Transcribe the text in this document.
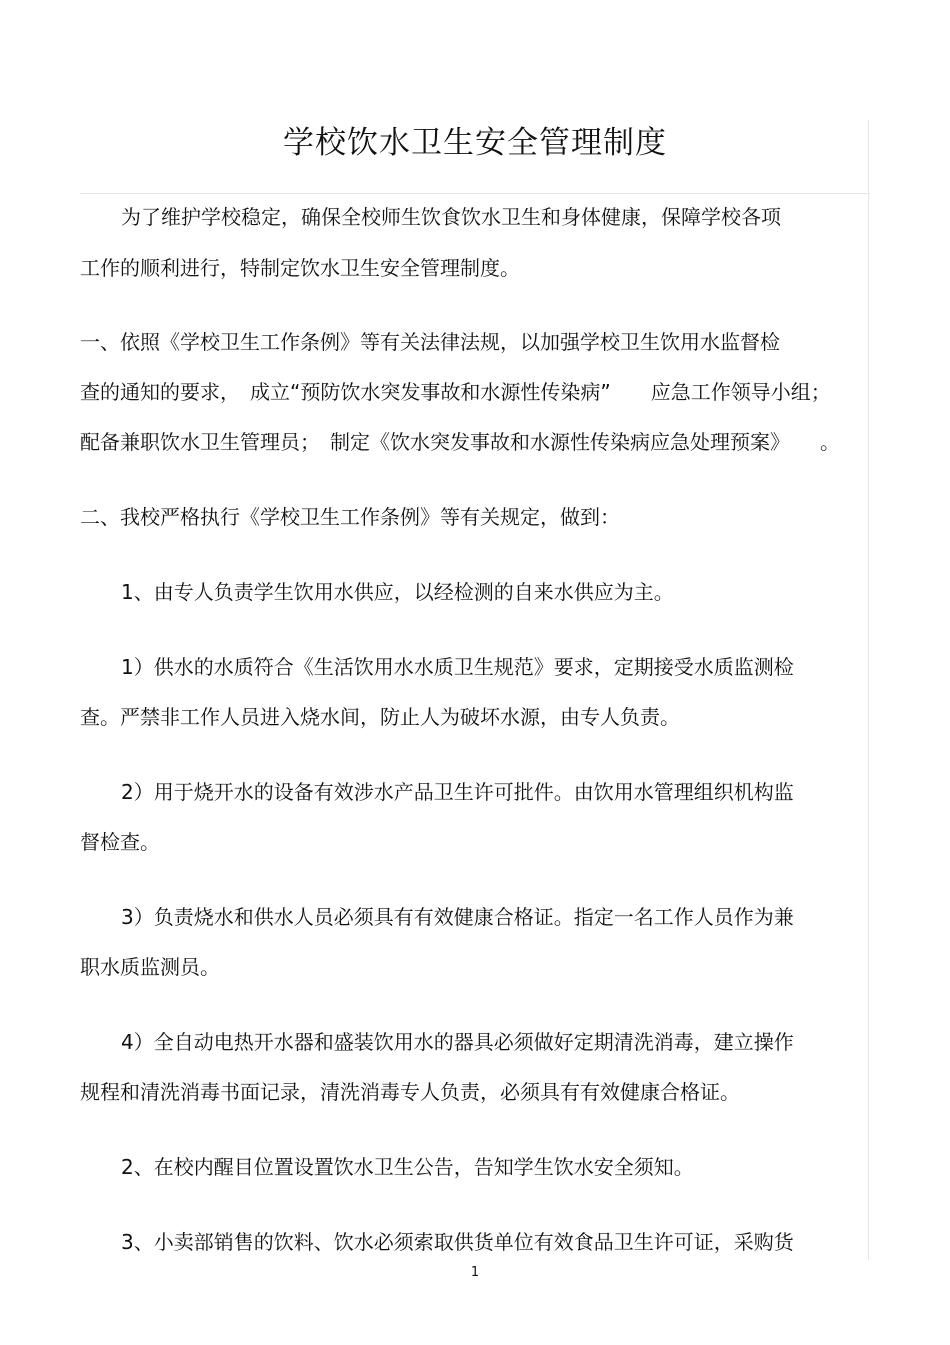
学校饮水卫生安全管理制度
为了维护学校稳定，确保全校师生饮食饮水卫生和身体健康，保障学校各项
工作的顺利进行，特制定饮水卫生安全管理制度。
一、依照《学校卫生工作条例》等有关法律法规，以加强学校卫生饮用水监督检
查的通知的要求，　成立“预防饮水突发事故和水源性传染病”　　应急工作领导小组；
配备兼职饮水卫生管理员；　制定《饮水突发事故和水源性传染病应急处理预案》　　。
二、我校严格执行《学校卫生工作条例》等有关规定，做到：
1、由专人负责学生饮用水供应，以经检测的自来水供应为主。
1）供水的水质符合《生活饮用水水质卫生规范》要求，定期接受水质监测检
查。严禁非工作人员进入烧水间，防止人为破坏水源，由专人负责。
2）用于烧开水的设备有效涉水产品卫生许可批件。由饮用水管理组织机构监
督检查。
3）负责烧水和供水人员必须具有有效健康合格证。指定一名工作人员作为兼
职水质监测员。
4）全自动电热开水器和盛装饮用水的器具必须做好定期清洗消毒，建立操作
规程和清洗消毒书面记录，清洗消毒专人负责，必须具有有效健康合格证。
2、在校内醒目位置设置饮水卫生公告，告知学生饮水安全须知。
3、小卖部销售的饮料、饮水必须索取供货单位有效食品卫生许可证，采购货
1
